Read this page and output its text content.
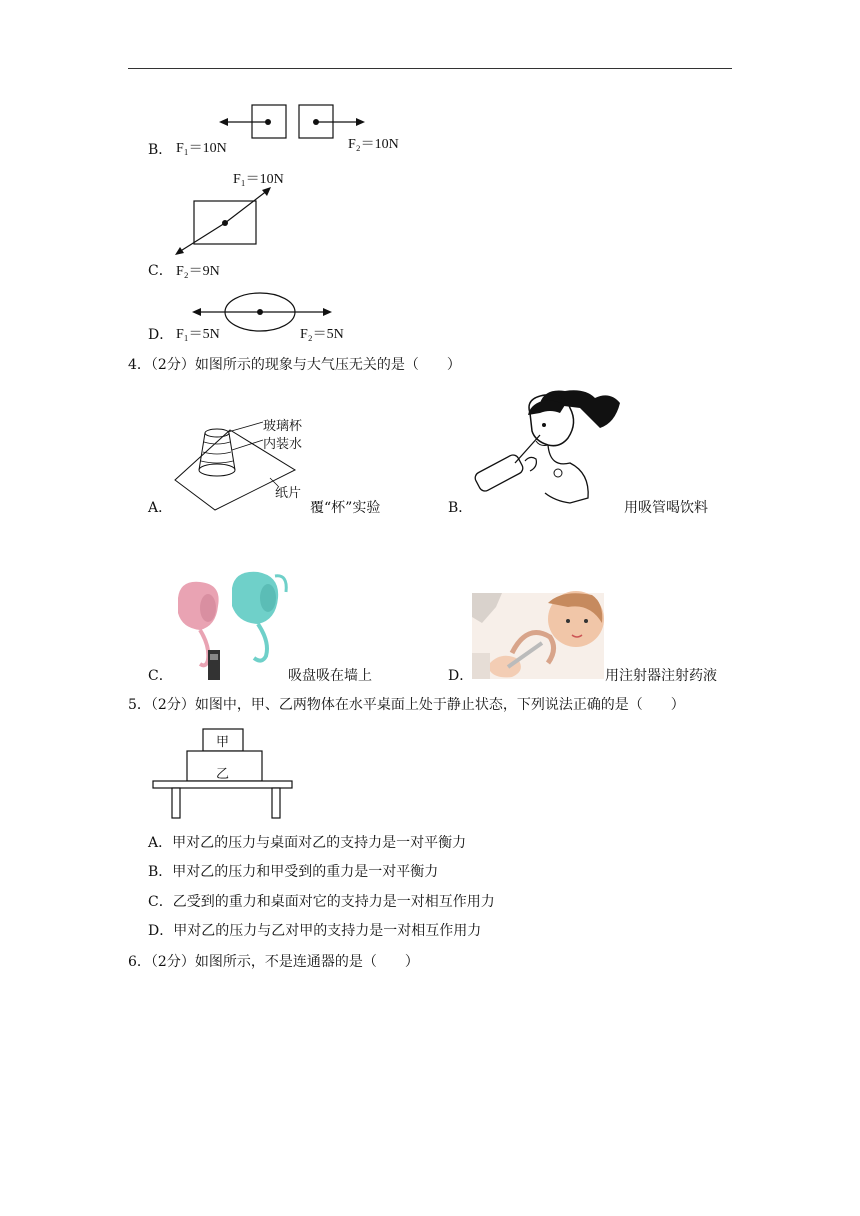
B． F₁＝10N	F₂＝10N
F₁＝10N
C． F₂＝9N
D． F₁＝5N	F₂＝5N
4．（2分）如图所示的现象与大气压无关的是（　　）
玻璃杯
内装水
纸片
A．	覆“杯”实验	B．	用吸管喝饮料
C．	吸盘吸在墙上	D．	用注射器注射药液
5．（2分）如图中，甲、乙两物体在水平桌面上处于静止状态，下列说法正确的是（　　）
甲
乙
A．甲对乙的压力与桌面对乙的支持力是一对平衡力
B．甲对乙的压力和甲受到的重力是一对平衡力
C．乙受到的重力和桌面对它的支持力是一对相互作用力
D．甲对乙的压力与乙对甲的支持力是一对相互作用力
6．（2分）如图所示，不是连通器的是（　　）
